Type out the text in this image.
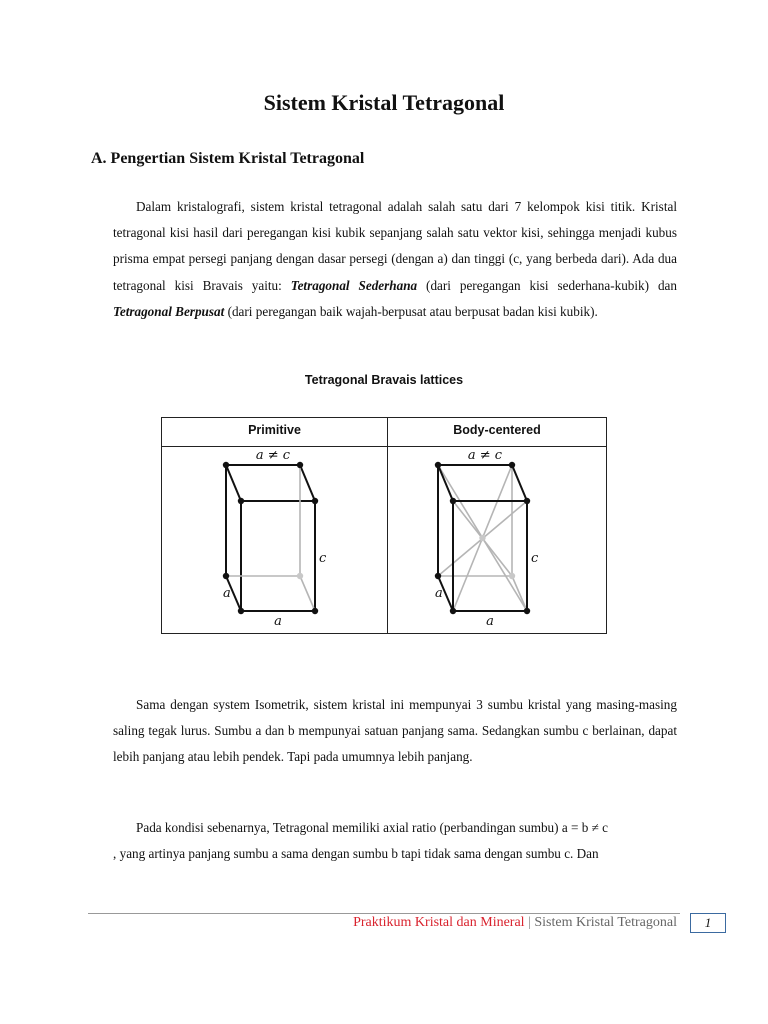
Sistem Kristal Tetragonal
A. Pengertian Sistem Kristal Tetragonal

Dalam kristalografi, sistem kristal tetragonal adalah salah satu dari 7 kelompok kisi titik. Kristal tetragonal kisi hasil dari peregangan kisi kubik sepanjang salah satu vektor kisi, sehingga menjadi kubus prisma empat persegi panjang dengan dasar persegi (dengan a) dan tinggi (c, yang berbeda dari). Ada dua tetragonal kisi Bravais yaitu: Tetragonal Sederhana (dari peregangan kisi sederhana-kubik) dan Tetragonal Berpusat (dari peregangan baik wajah-berpusat atau berpusat badan kisi kubik).

Tetragonal Bravais lattices
Primitive	Body-centered
a ≠ c
c
a
a
a ≠ c
c
a
a

Sama dengan system Isometrik, sistem kristal ini mempunyai 3 sumbu kristal yang masing-masing saling tegak lurus. Sumbu a dan b mempunyai satuan panjang sama. Sedangkan sumbu c berlainan, dapat lebih panjang atau lebih pendek. Tapi pada umumnya lebih panjang.

Pada kondisi sebenarnya, Tetragonal memiliki axial ratio (perbandingan sumbu) a = b ≠ c
, yang artinya panjang sumbu a sama dengan sumbu b tapi tidak sama dengan sumbu c. Dan

Praktikum Kristal dan Mineral | Sistem Kristal Tetragonal	1
